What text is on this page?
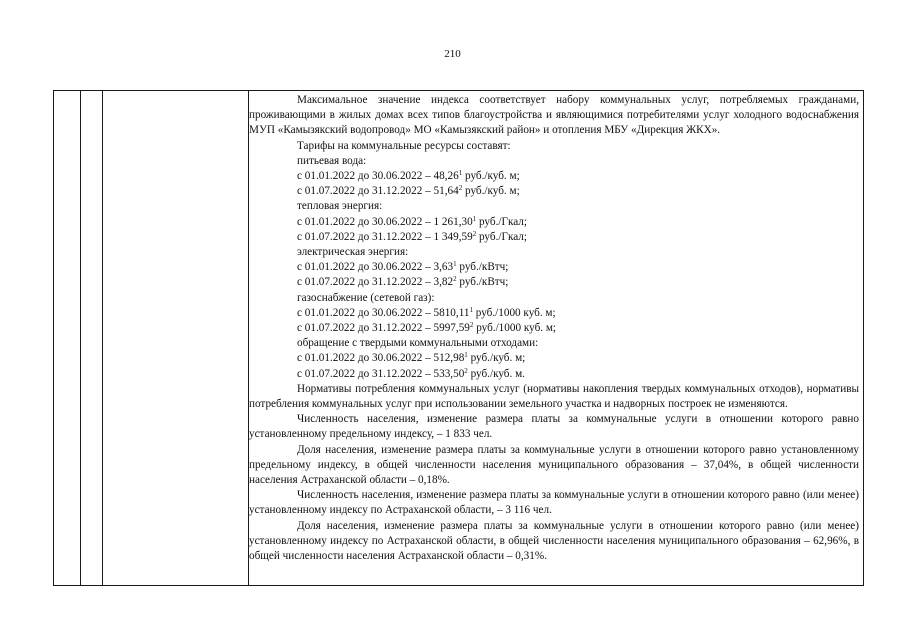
210

Максимальное значение индекса соответствует набору коммунальных услуг, потребляемых гражданами, проживающими в жилых домах всех типов благоустройства и являющимися потребителями услуг холодного водоснабжения МУП «Камызякский водопровод» МО «Камызякский район» и отопления МБУ «Дирекция ЖКХ».

Тарифы на коммунальные ресурсы составят:

питьевая вода:

с 01.01.2022 до 30.06.2022 – 48,26$^1$ руб./куб. м;

с 01.07.2022 до 31.12.2022 – 51,64$^2$ руб./куб. м;

тепловая энергия:

с 01.01.2022 до 30.06.2022 – 1 261,30$^1$ руб./Гкал;

с 01.07.2022 до 31.12.2022 – 1 349,59$^2$ руб./Гкал;

электрическая энергия:

с 01.01.2022 до 30.06.2022 – 3,63$^1$ руб./кВтч;

с 01.07.2022 до 31.12.2022 – 3,82$^2$ руб./кВтч;

газоснабжение (сетевой газ):

с 01.01.2022 до 30.06.2022 – 5810,11$^1$ руб./1000 куб. м;

с 01.07.2022 до 31.12.2022 – 5997,59$^2$ руб./1000 куб. м;

обращение с твердыми коммунальными отходами:

с 01.01.2022 до 30.06.2022 – 512,98$^1$ руб./куб. м;

с 01.07.2022 до 31.12.2022 – 533,50$^2$ руб./куб. м.

Нормативы потребления коммунальных услуг (нормативы накопления твердых коммунальных отходов), нормативы потребления коммунальных услуг при использовании земельного участка и надворных построек не изменяются.

Численность населения, изменение размера платы за коммунальные услуги в отношении которого равно установленному предельному индексу, – 1 833 чел.

Доля населения, изменение размера платы за коммунальные услуги в отношении которого равно установленному предельному индексу, в общей численности населения муниципального образования – 37,04%, в общей численности населения Астраханской области – 0,18%.

Численность населения, изменение размера платы за коммунальные услуги в отношении которого равно (или менее) установленному индексу по Астраханской области, – 3 116 чел.

Доля населения, изменение размера платы за коммунальные услуги в отношении которого равно (или менее) установленному индексу по Астраханской области, в общей численности населения муниципального образования – 62,96%, в общей численности населения Астраханской области – 0,31%.
